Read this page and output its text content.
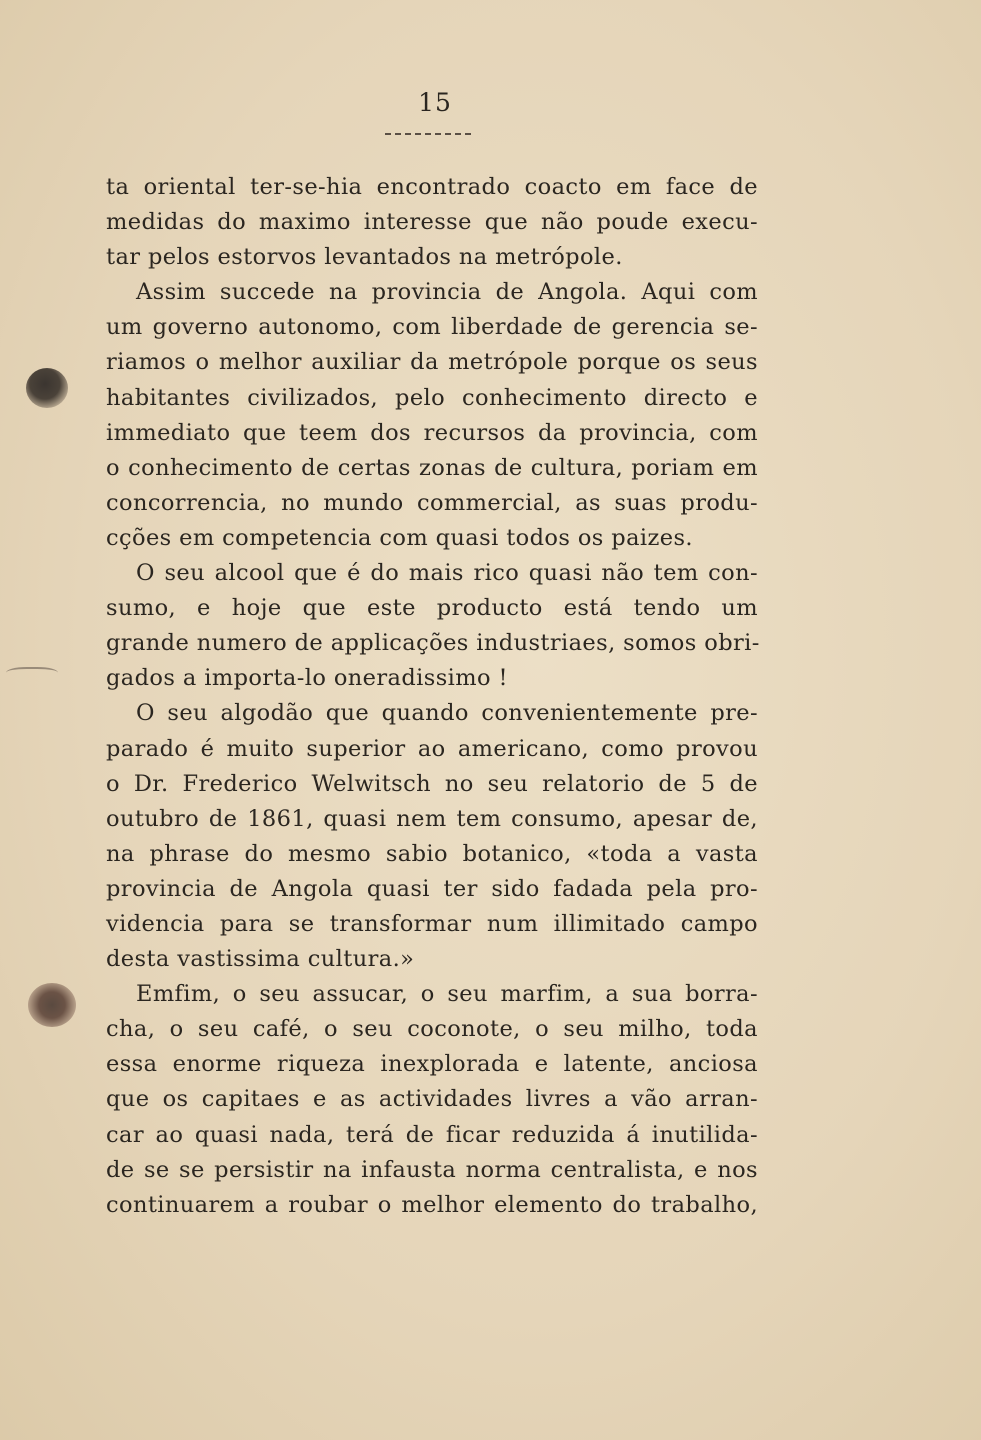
15
ta oriental ter-se-hia encontrado coacto em face de
medidas do maximo interesse que não poude execu-
tar pelos estorvos levantados na metrópole.
Assim succede na provincia de Angola. Aqui com
um governo autonomo, com liberdade de gerencia se-
riamos o melhor auxiliar da metrópole porque os seus
habitantes civilizados, pelo conhecimento directo e
immediato que teem dos recursos da provincia, com
o conhecimento de certas zonas de cultura, poriam em
concorrencia, no mundo commercial, as suas produ-
cções em competencia com quasi todos os paizes.
O seu alcool que é do mais rico quasi não tem con-
sumo, e hoje que este producto está tendo um
grande numero de applicações industriaes, somos obri-
gados a importa-lo oneradissimo !
O seu algodão que quando convenientemente pre-
parado é muito superior ao americano, como provou
o Dr. Frederico Welwitsch no seu relatorio de 5 de
outubro de 1861, quasi nem tem consumo, apesar de,
na phrase do mesmo sabio botanico, «toda a vasta
provincia de Angola quasi ter sido fadada pela pro-
videncia para se transformar num illimitado campo
desta vastissima cultura.»
Emfim, o seu assucar, o seu marfim, a sua borra-
cha, o seu café, o seu coconote, o seu milho, toda
essa enorme riqueza inexplorada e latente, anciosa
que os capitaes e as actividades livres a vão arran-
car ao quasi nada, terá de ficar reduzida á inutilida-
de se se persistir na infausta norma centralista, e nos
continuarem a roubar o melhor elemento do trabalho,
